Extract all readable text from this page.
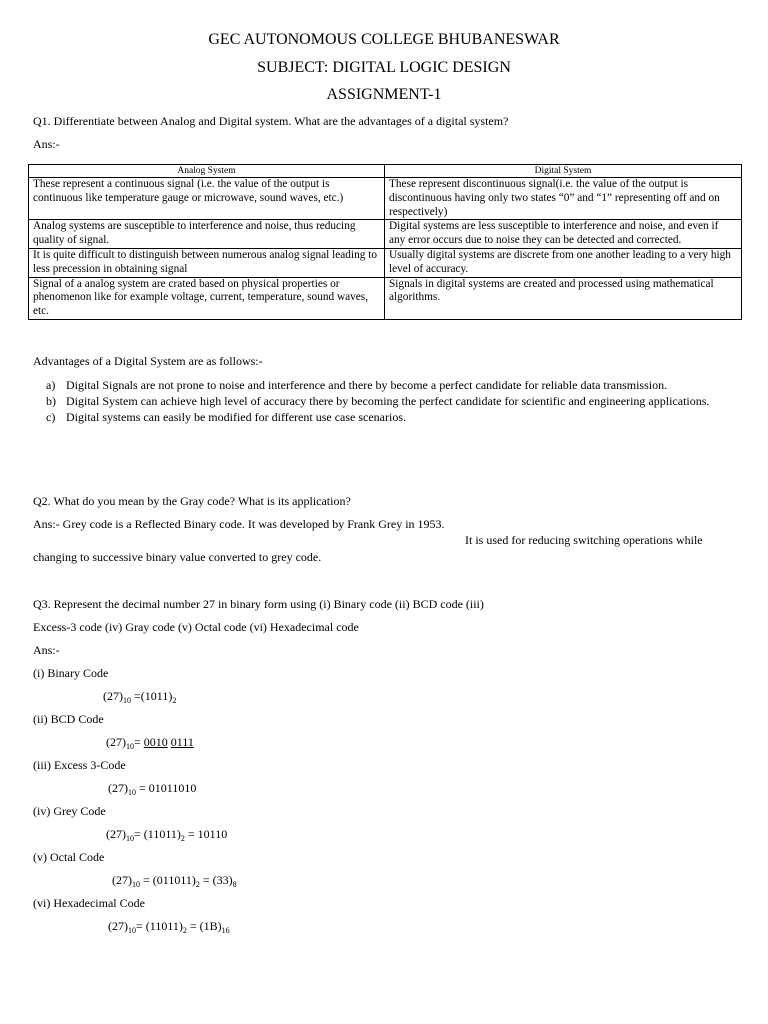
GEC AUTONOMOUS COLLEGE BHUBANESWAR
SUBJECT: DIGITAL LOGIC DESIGN
ASSIGNMENT-1
Q1. Differentiate between Analog and Digital system. What are the advantages of a digital system?
Ans:-
Analog System	Digital System
These represent a continuous signal (i.e. the value of the output is continuous like temperature gauge or microwave, sound waves, etc.)	These represent discontinuous signal(i.e. the value of the output is discontinuous having only two states “0” and “1” representing off and on respectively)
Analog systems are susceptible to interference and noise, thus reducing quality of signal.	Digital systems are less susceptible to interference and noise, and even if any error occurs due to noise they can be detected and corrected.
It is quite difficult to distinguish between numerous analog signal leading to less precession in obtaining signal	Usually digital systems are discrete from one another leading to a very high level of accuracy.
Signal of a analog system are crated based on physical properties or phenomenon like for example voltage, current, temperature, sound waves, etc.	Signals in digital systems are created and processed using mathematical algorithms.
Advantages of a Digital System are as follows:-
a) Digital Signals are not prone to noise and interference and there by become a perfect candidate for reliable data transmission.
b) Digital System can achieve high level of accuracy there by becoming the perfect candidate for scientific and engineering applications.
c) Digital systems can easily be modified for different use case scenarios.
Q2. What do you mean by the Gray code? What is its application?
Ans:- Grey code is a Reflected Binary code. It was developed by Frank Grey in 1953.
It is used for reducing switching operations while
changing to successive binary value converted to grey code.
Q3. Represent the decimal number 27 in binary form using (i) Binary code (ii) BCD code (iii)
Excess-3 code (iv) Gray code (v) Octal code (vi) Hexadecimal code
Ans:-
(i) Binary Code
$(27)_{10} =(1011)_2$
(ii) BCD Code
$(27)_{10}= 0010$ 0111
(iii) Excess 3-Code
$(27)_{10} = 01011010$
(iv) Grey Code
$(27)_{10}= (11011)_2 = 10110$
(v) Octal Code
$(27)_{10} = (011011)_2 = (33)_8$
(vi) Hexadecimal Code
$(27)_{10}= (11011)_2 = (1B)_{16}$
